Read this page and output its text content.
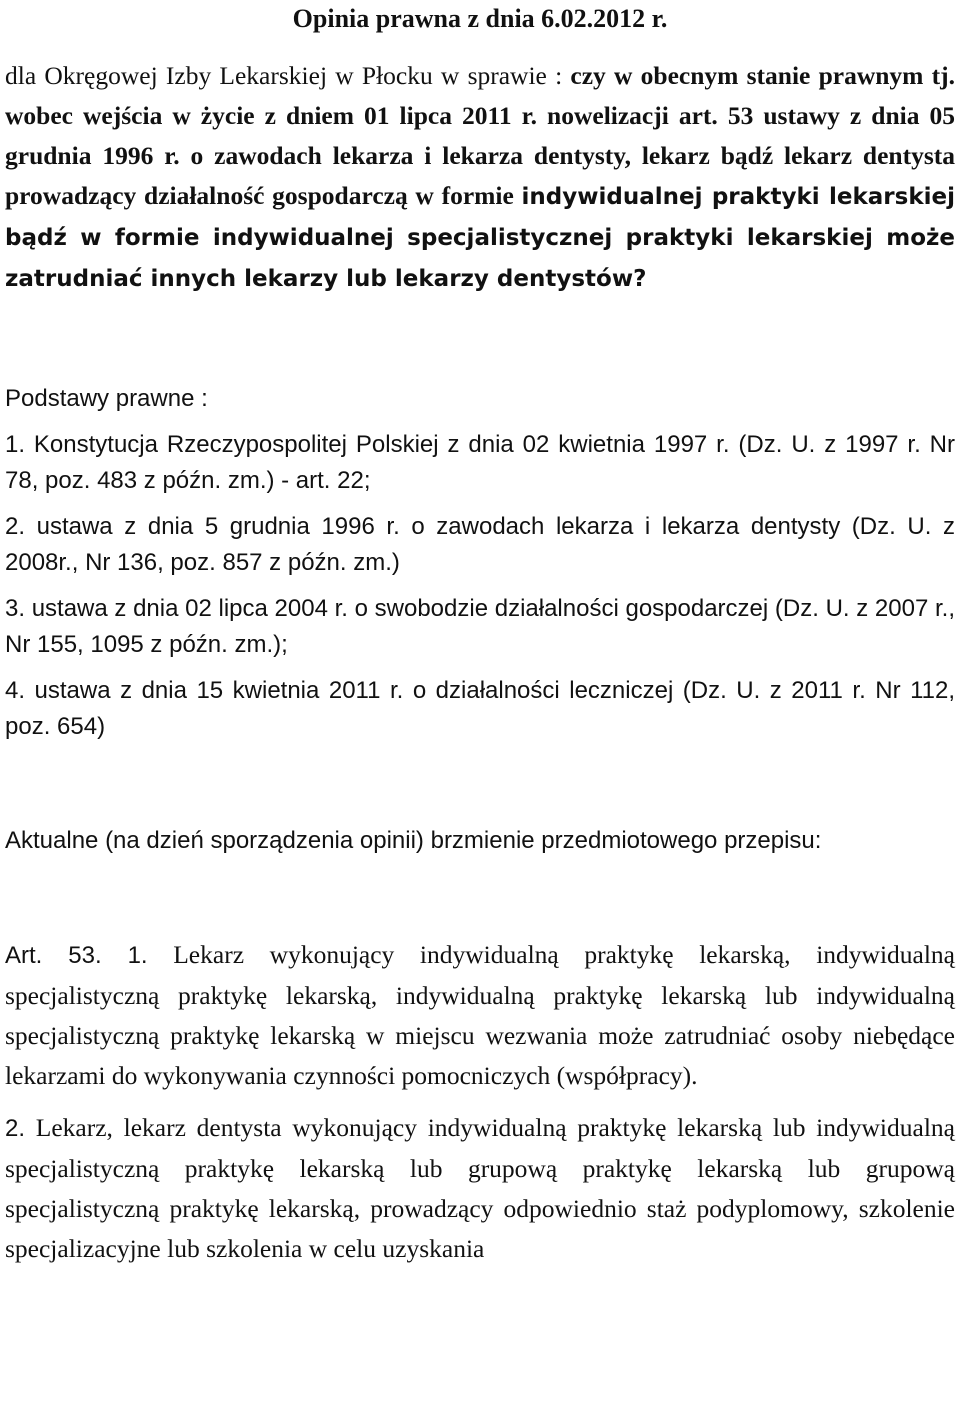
Opinia prawna z dnia 6.02.2012 r.

dla Okręgowej Izby Lekarskiej w Płocku w sprawie : czy w obecnym stanie prawnym tj. wobec wejścia w życie z dniem 01 lipca 2011 r. nowelizacji art. 53 ustawy z dnia 05 grudnia 1996 r. o zawodach lekarza i lekarza dentysty, lekarz bądź lekarz dentysta prowadzący działalność gospodarczą w formie indywidualnej praktyki lekarskiej bądź w formie indywidualnej specjalistycznej praktyki lekarskiej może zatrudniać innych lekarzy lub lekarzy dentystów?

Podstawy prawne :
1. Konstytucja Rzeczypospolitej Polskiej z dnia 02 kwietnia 1997 r. (Dz. U. z 1997 r. Nr 78, poz. 483 z późn. zm.) - art. 22;
2. ustawa z dnia 5 grudnia 1996 r. o zawodach lekarza i lekarza dentysty (Dz. U. z 2008r., Nr 136, poz. 857 z późn. zm.)
3. ustawa z dnia 02 lipca 2004 r. o swobodzie działalności gospodarczej (Dz. U. z 2007 r., Nr 155, 1095 z późn. zm.);
4. ustawa z dnia 15 kwietnia 2011 r. o działalności leczniczej (Dz. U. z 2011 r. Nr 112, poz. 654)
Aktualne (na dzień sporządzenia opinii) brzmienie przedmiotowego przepisu:

Art. 53. 1. Lekarz wykonujący indywidualną praktykę lekarską, indywidualną specjalistyczną praktykę lekarską, indywidualną praktykę lekarską lub indywidualną specjalistyczną praktykę lekarską w miejscu wezwania może zatrudniać osoby niebędące lekarzami do wykonywania czynności pomocniczych (współpracy).

2. Lekarz, lekarz dentysta wykonujący indywidualną praktykę lekarską lub indywidualną specjalistyczną praktykę lekarską lub grupową praktykę lekarską lub grupową specjalistyczną praktykę lekarską, prowadzący odpowiednio staż podyplomowy, szkolenie specjalizacyjne lub szkolenia w celu uzyskania
